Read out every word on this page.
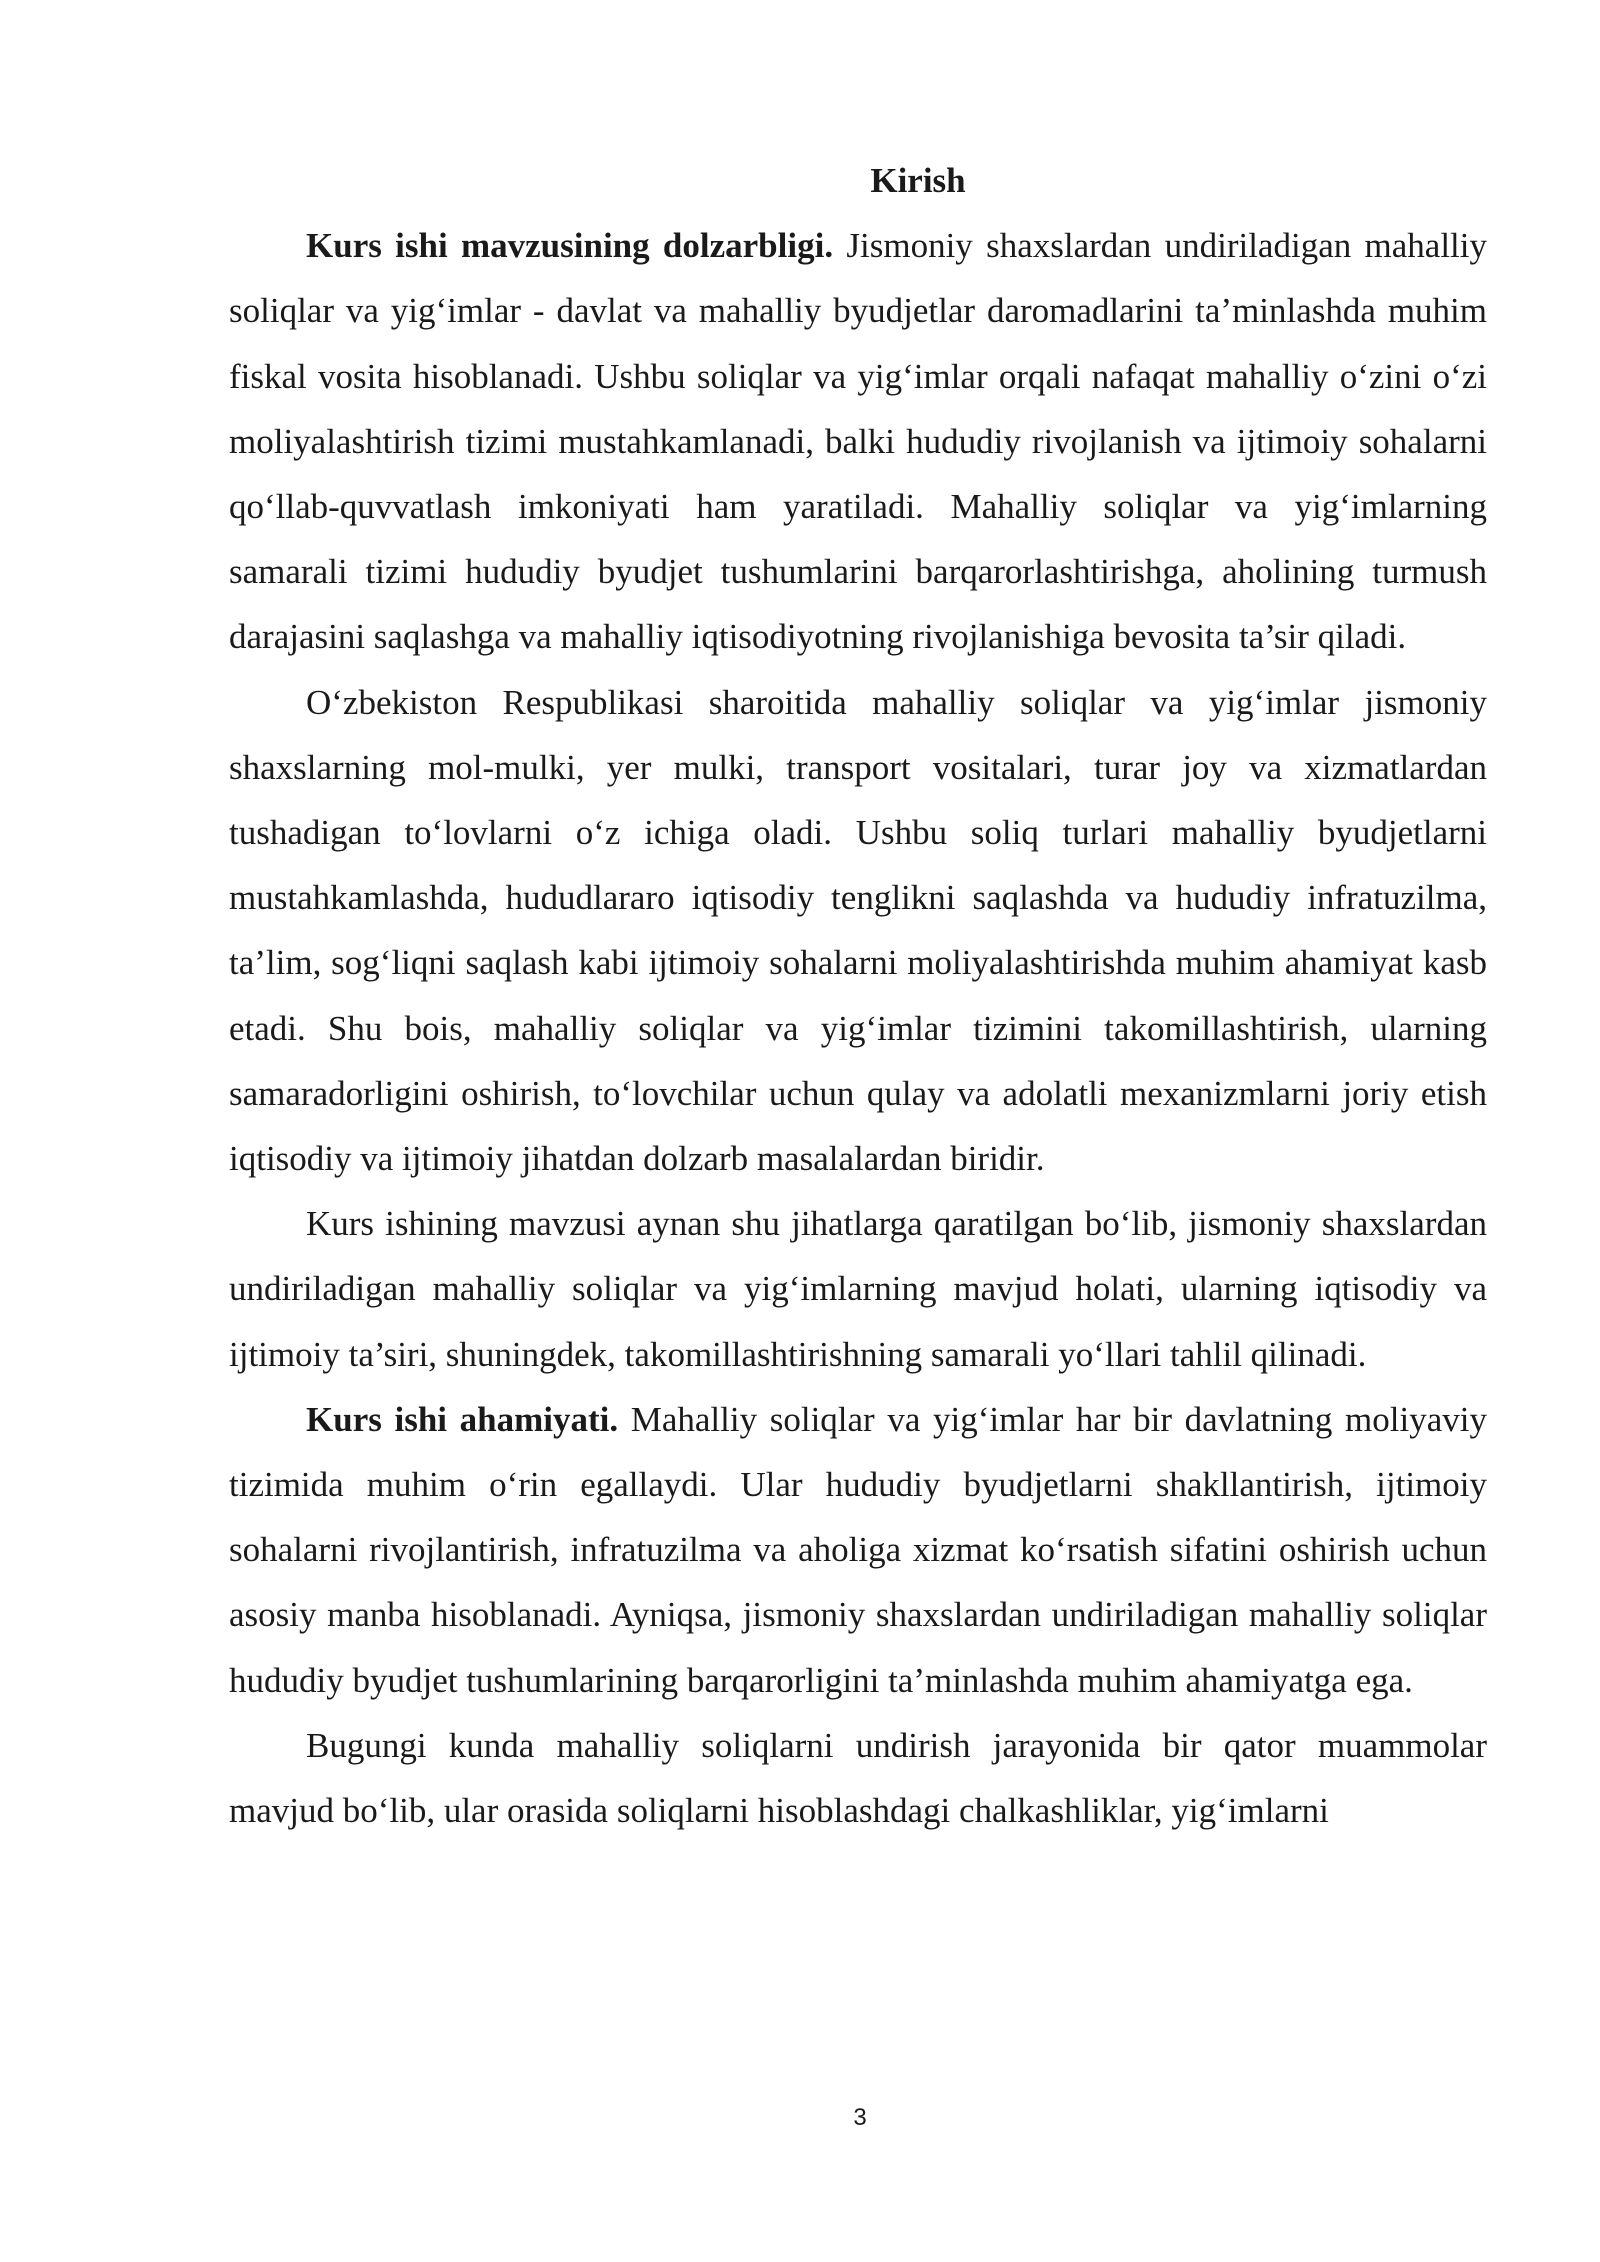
Kirish

Kurs ishi mavzusining dolzarbligi. Jismoniy shaxslardan undiriladigan mahalliy soliqlar va yig‘imlar - davlat va mahalliy byudjetlar daromadlarini ta’minlashda muhim fiskal vosita hisoblanadi. Ushbu soliqlar va yig‘imlar orqali nafaqat mahalliy o‘zini o‘zi moliyalashtirish tizimi mustahkamlanadi, balki hududiy rivojlanish va ijtimoiy sohalarni qo‘llab-quvvatlash imkoniyati ham yaratiladi. Mahalliy soliqlar va yig‘imlarning samarali tizimi hududiy byudjet tushumlarini barqarorlashtirishga, aholining turmush darajasini saqlashga va mahalliy iqtisodiyotning rivojlanishiga bevosita ta’sir qiladi.

O‘zbekiston Respublikasi sharoitida mahalliy soliqlar va yig‘imlar jismoniy shaxslarning mol-mulki, yer mulki, transport vositalari, turar joy va xizmatlardan tushadigan to‘lovlarni o‘z ichiga oladi. Ushbu soliq turlari mahalliy byudjetlarni mustahkamlashda, hududlararo iqtisodiy tenglikni saqlashda va hududiy infratuzilma, ta’lim, sog‘liqni saqlash kabi ijtimoiy sohalarni moliyalashtirishda muhim ahamiyat kasb etadi. Shu bois, mahalliy soliqlar va yig‘imlar tizimini takomillashtirish, ularning samaradorligini oshirish, to‘lovchilar uchun qulay va adolatli mexanizmlarni joriy etish iqtisodiy va ijtimoiy jihatdan dolzarb masalalardan biridir.

Kurs ishining mavzusi aynan shu jihatlarga qaratilgan bo‘lib, jismoniy shaxslardan undiriladigan mahalliy soliqlar va yig‘imlarning mavjud holati, ularning iqtisodiy va ijtimoiy ta’siri, shuningdek, takomillashtirishning samarali yo‘llari tahlil qilinadi.

Kurs ishi ahamiyati. Mahalliy soliqlar va yig‘imlar har bir davlatning moliyaviy tizimida muhim o‘rin egallaydi. Ular hududiy byudjetlarni shakllantirish, ijtimoiy sohalarni rivojlantirish, infratuzilma va aholiga xizmat ko‘rsatish sifatini oshirish uchun asosiy manba hisoblanadi. Ayniqsa, jismoniy shaxslardan undiriladigan mahalliy soliqlar hududiy byudjet tushumlarining barqarorligini ta’minlashda muhim ahamiyatga ega.

Bugungi kunda mahalliy soliqlarni undirish jarayonida bir qator muammolar mavjud bo‘lib, ular orasida soliqlarni hisoblashdagi chalkashliklar, yig‘imlarni

3
